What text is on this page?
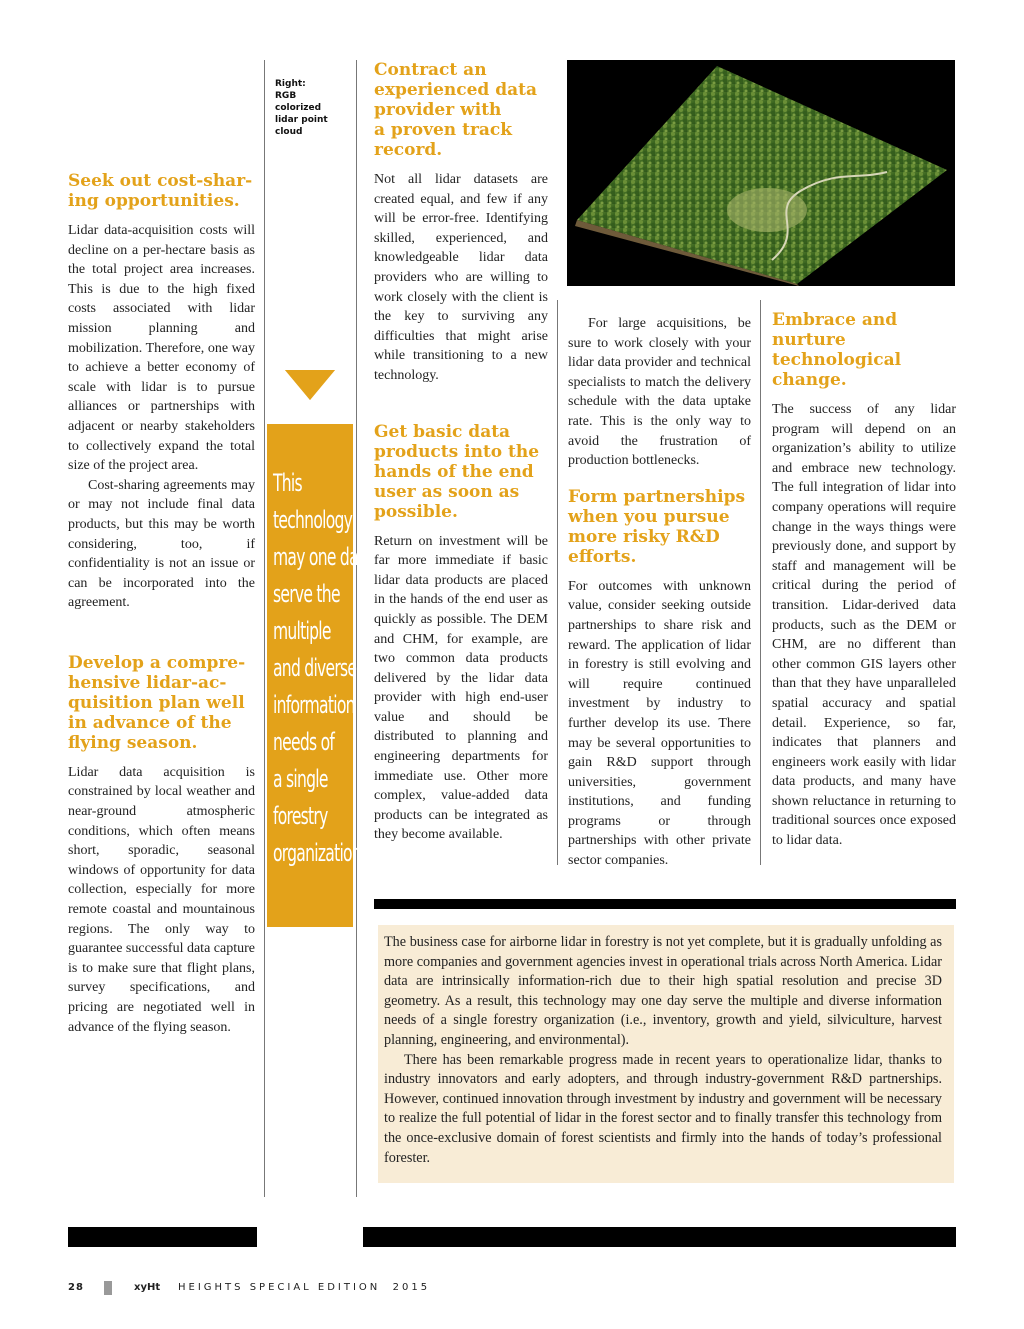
Right:
RGB
colorized
lidar point
cloud
Seek out cost-shar-
ing opportunities.

Lidar data-acquisition costs will decline on a per-hectare basis as the total project area increases. This is due to the high fixed costs associated with lidar mission planning and mobilization. Therefore, one way to achieve a better economy of scale with lidar is to pursue alliances or partnerships with adjacent or nearby stakeholders to collectively expand the total size of the project area.

Cost-sharing agreements may or may not include final data products, but this may be worth considering, too, if confidentiality is not an issue or can be incorporated into the agreement.

Develop a compre-
hensive lidar-ac-
quisition plan well
in advance of the
flying season.

Lidar data acquisition is constrained by local weather and near-ground atmospheric conditions, which often means short, sporadic, seasonal windows of opportunity for data collection, especially for more remote coastal and mountainous regions. The only way to guarantee successful data capture is to make sure that flight plans, survey specifications, and pricing are negotiated well in advance of the flying season.

This
technology
may one day
serve the
multiple
and diverse
information
needs of
a single
forestry
organization.
Contract an
experienced data
provider with
a proven track
record.

Not all lidar datasets are created equal, and few if any will be error-free. Identifying skilled, experienced, and knowledgeable lidar data providers who are willing to work closely with the client is the key to surviving any difficulties that might arise while transitioning to a new technology.

Get basic data
products into the
hands of the end
user as soon as
possible.

Return on investment will be far more immediate if basic lidar data products are placed in the hands of the end user as quickly as possible. The DEM and CHM, for example, are two common data products delivered by the lidar data provider with high end-user value and should be distributed to planning and engineering departments for immediate use. Other more complex, value-added data products can be integrated as they become available.

For large acquisitions, be sure to work closely with your lidar data provider and technical specialists to match the delivery schedule with the data uptake rate. This is the only way to avoid the frustration of production bottlenecks.

Form partnerships
when you pursue
more risky R&D
efforts.

For outcomes with unknown value, consider seeking outside partnerships to share risk and reward. The application of lidar in forestry is still evolving and will require continued investment by industry to further develop its use. There may be several opportunities to gain R&D support through universities, government institutions, and funding programs or through partnerships with other private sector companies.

Embrace and
nurture
technological
change.

The success of any lidar program will depend on an organization’s ability to utilize and embrace new technology. The full integration of lidar into company operations will require change in the ways things were previously done, and support by staff and management will be critical during the period of transition. Lidar-derived data products, such as the DEM or CHM, are no different than other common GIS layers other than that they have unparalleled spatial accuracy and spatial detail. Experience, so far, indicates that planners and engineers work easily with lidar data products, and many have shown reluctance in returning to traditional sources once exposed to lidar data.

The business case for airborne lidar in forestry is not yet complete, but it is gradually unfolding as more companies and government agencies invest in operational trials across North America. Lidar data are intrinsically information-rich due to their high spatial resolution and precise 3D geometry. As a result, this technology may one day serve the multiple and diverse information needs of a single forestry organization (i.e., inventory, growth and yield, silviculture, harvest planning, engineering, and environmental).

There has been remarkable progress made in recent years to operationalize lidar, thanks to industry innovators and early adopters, and through industry-government R&D partnerships. However, continued innovation through investment by industry and government will be necessary to realize the full potential of lidar in the forest sector and to finally transfer this technology from the once-exclusive domain of forest scientists and firmly into the hands of today’s professional forester.

28	xyHt HEIGHTS SPECIAL EDITION  2015
